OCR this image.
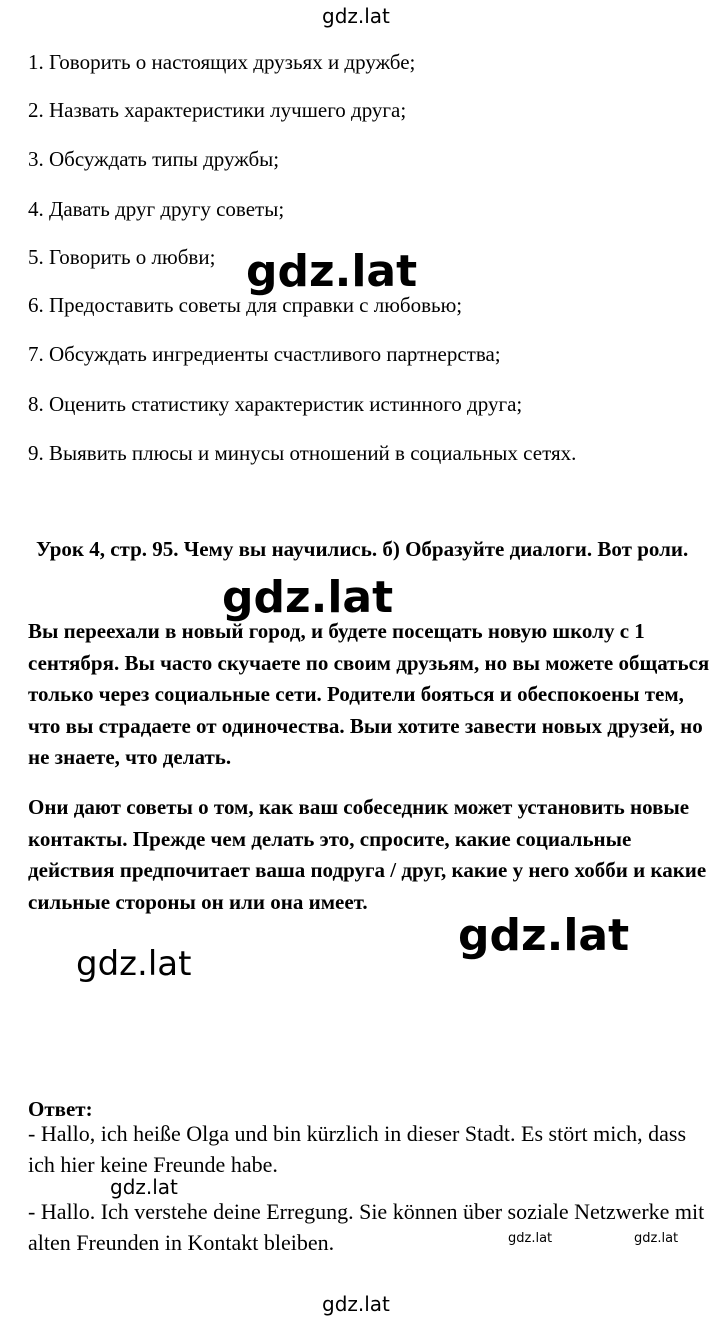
gdz.lat
1. Говорить о настоящих друзьях и дружбе;
2. Назвать характеристики лучшего друга;
3. Обсуждать типы дружбы;
4. Давать друг другу советы;
5. Говорить о любви;
6. Предоставить советы для справки с любовью;
7. Обсуждать ингредиенты счастливого партнерства;
8. Оценить статистику характеристик истинного друга;
9. Выявить плюсы и минусы отношений в социальных сетях.
gdz.lat
Урок 4, стр. 95. Чему вы научились. б) Образуйте диалоги. Вот роли.
gdz.lat
Вы переехали в новый город, и будете посещать новую школу с 1 сентября. Вы часто скучаете по своим друзьям, но вы можете общаться только через социальные сети. Родители бояться и обеспокоены тем, что вы страдаете от одиночества. Выи хотите завести новых друзей, но не знаете, что делать.
Они дают советы о том, как ваш собеседник может установить новые контакты. Прежде чем делать это, спросите, какие социальные действия предпочитает ваша подруга / друг, какие у него хобби и какие сильные стороны он или она имеет.
gdz.lat
gdz.lat
Ответ:
- Hallo, ich heiße Olga und bin kürzlich in dieser Stadt. Es stört mich, dass ich hier keine Freunde habe.
gdz.lat
- Hallo. Ich verstehe deine Erregung. Sie können über soziale Netzwerke mit alten Freunden in Kontakt bleiben.	gdz.lat	gdz.lat
gdz.lat
